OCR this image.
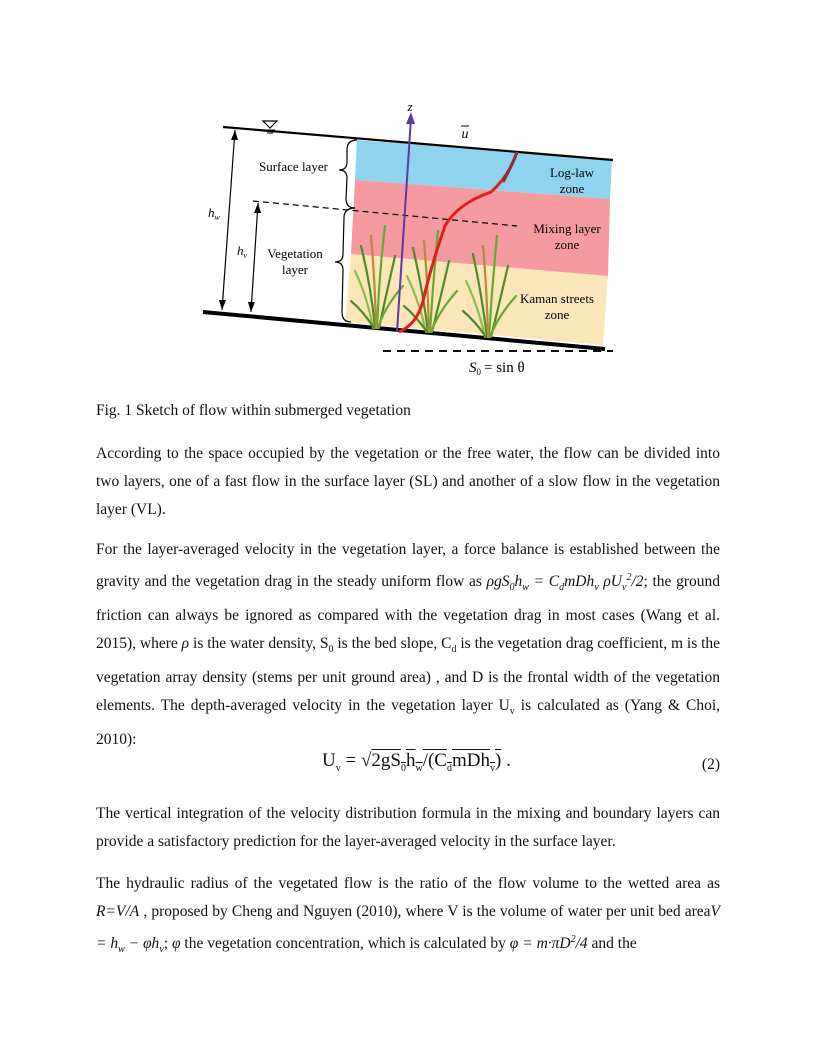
z
u
Surface layer
Vegetation
layer
$h_w$
$h_v$
Log-law
zone
Mixing layer
zone
Kaman streets
zone
$S_0 = \sin \theta$
Fig. 1 Sketch of flow within submerged vegetation

According to the space occupied by the vegetation or the free water, the flow can be divided into two layers, one of a fast flow in the surface layer (SL) and another of a slow flow in the vegetation layer (VL).

For the layer-averaged velocity in the vegetation layer, a force balance is established between the gravity and the vegetation drag in the steady uniform flow as $\rho gS_0h_w = C_dmDh_v$ $\rho U_v^2/2$; the ground friction can always be ignored as compared with the vegetation drag in most cases (Wang et al. 2015), where ρ is the water density, $S_0$ is the bed slope, $C_d$ is the vegetation drag coefficient, m is the vegetation array density (stems per unit ground area) , and D is the frontal width of the vegetation elements. The depth-averaged velocity in the vegetation layer $U_v$ is calculated as (Yang & Choi, 2010):

$U_v = √2gS_0h_w/(C_dmDh_v)$ .	(2)

The vertical integration of the velocity distribution formula in the mixing and boundary layers can provide a satisfactory prediction for the layer-averaged velocity in the surface layer.

The hydraulic radius of the vegetated flow is the ratio of the flow volume to the wetted area as R=V/A , proposed by Cheng and Nguyen (2010), where V is the volume of water per unit bed areaV = $h_w - \varphi h_v$; φ the vegetation concentration, which is calculated by $\varphi = m\cdot\pi D^2/4$ and the
